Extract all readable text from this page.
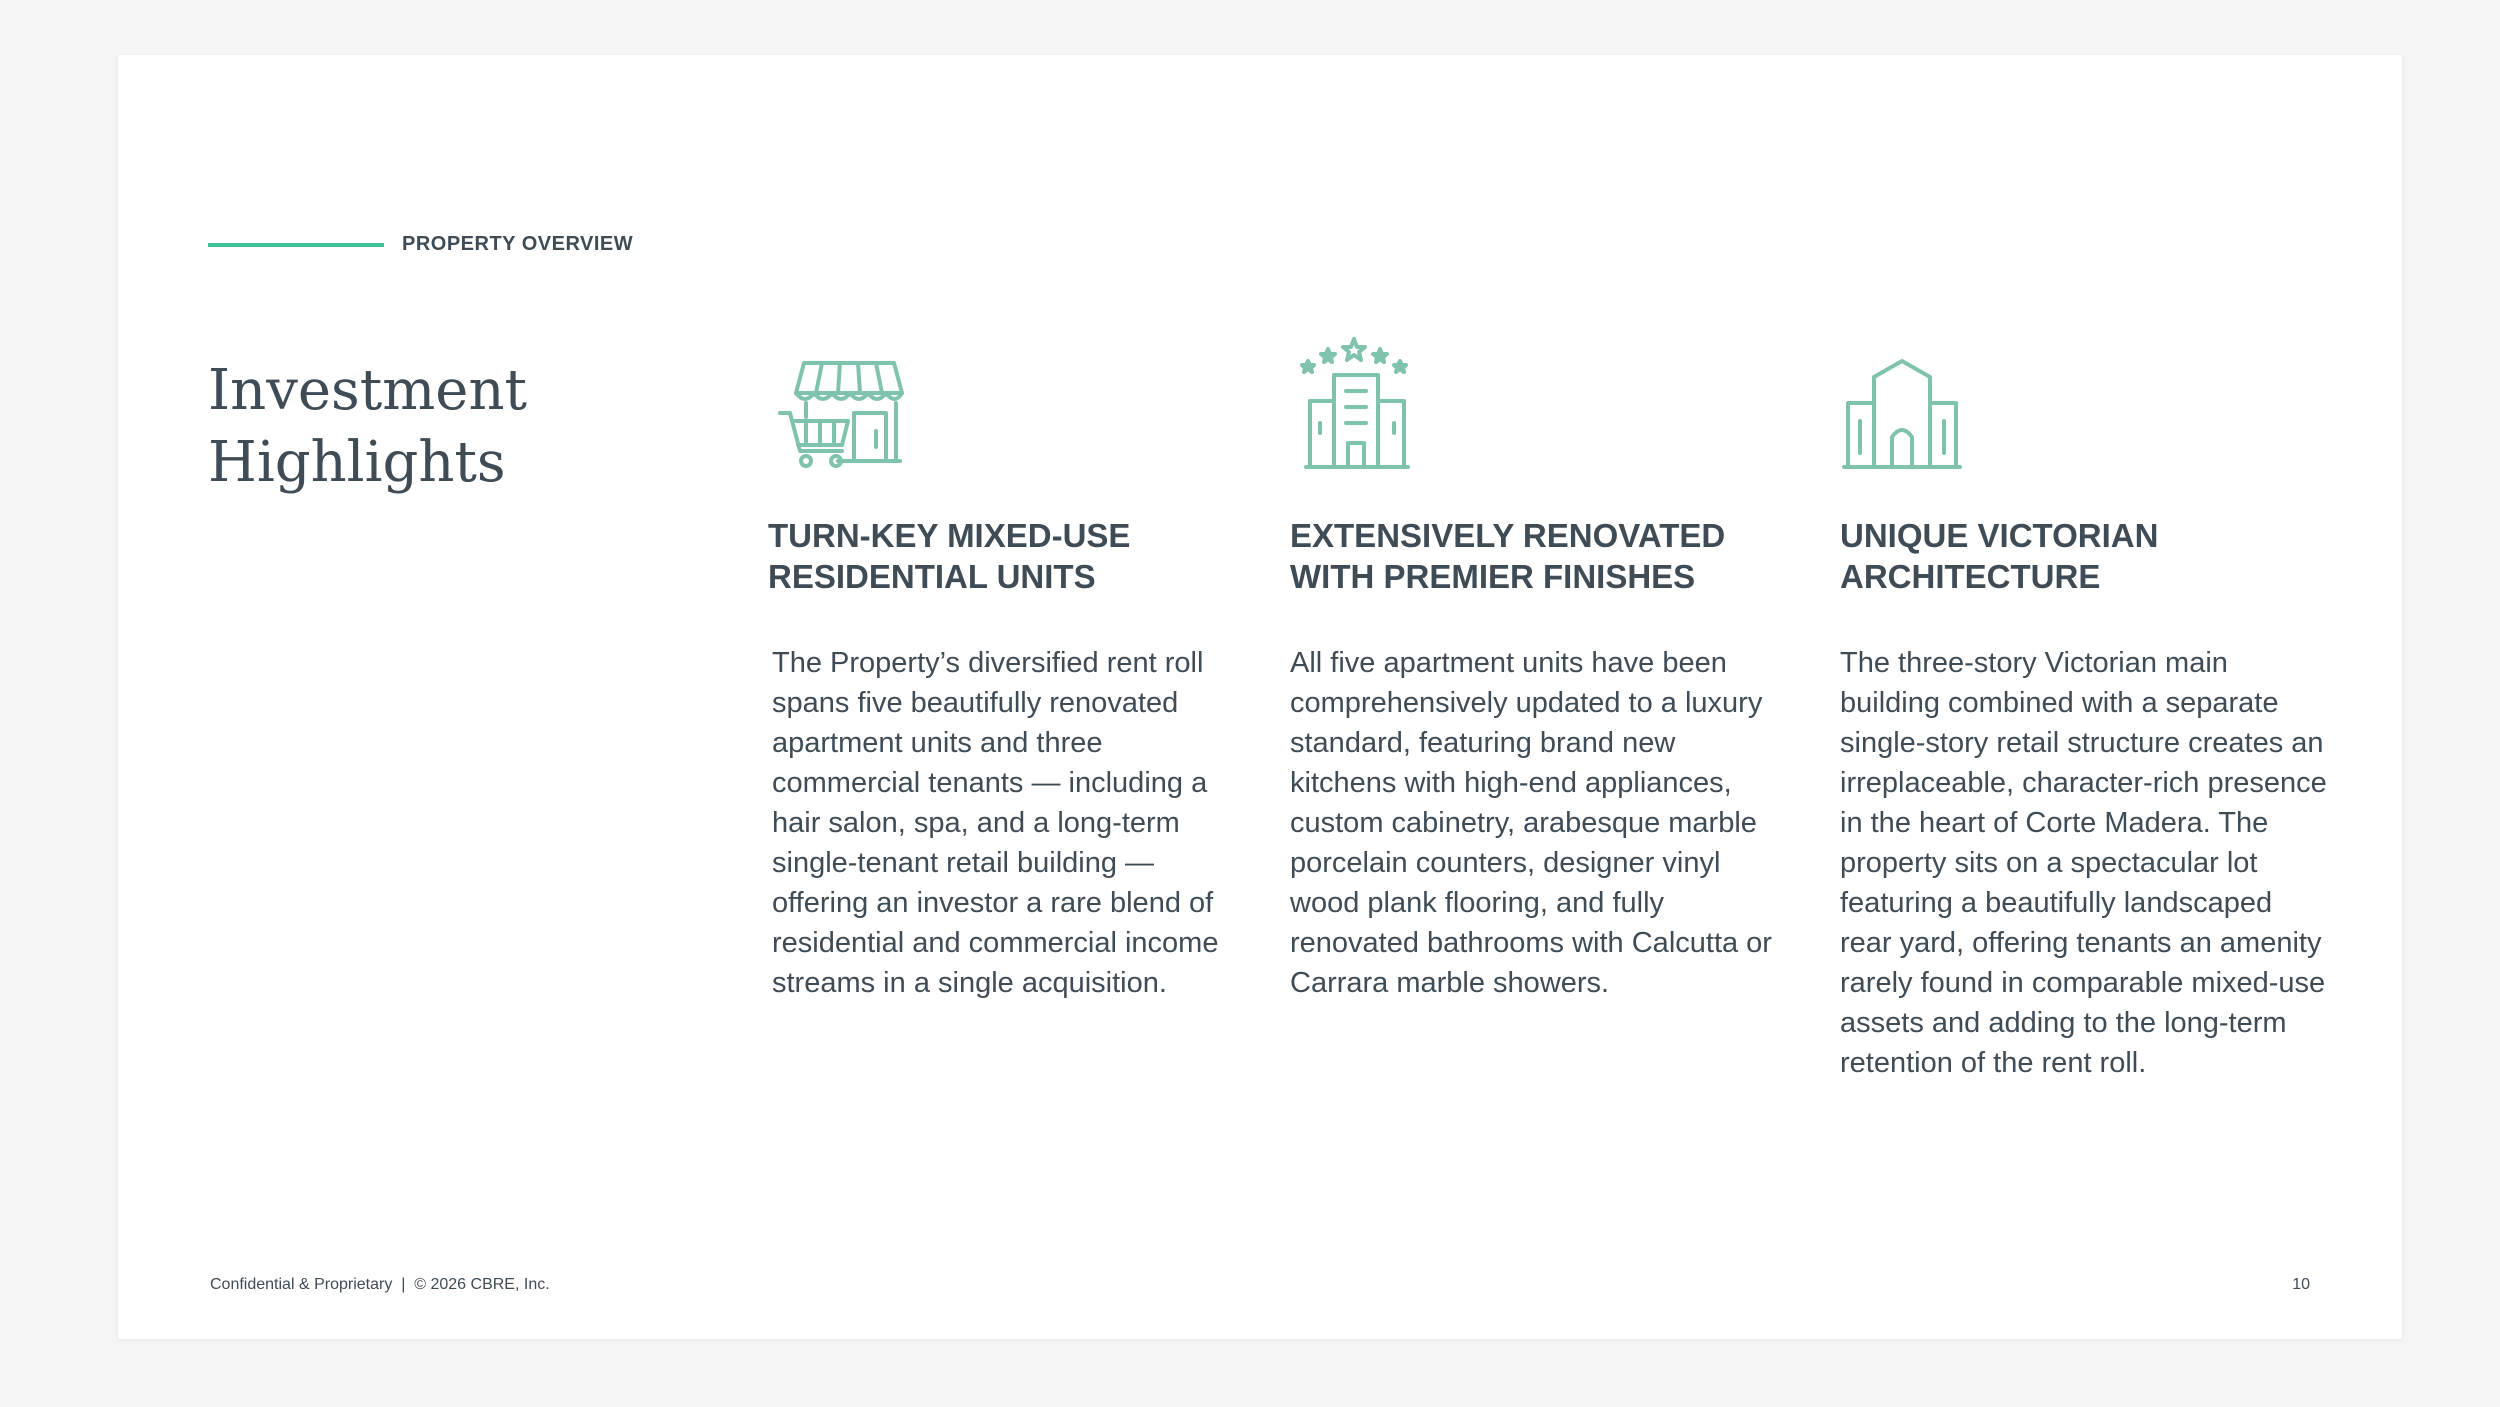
PROPERTY OVERVIEW
Investment
Highlights
TURN-KEY MIXED-USE
RESIDENTIAL UNITS
The Property’s diversified rent roll spans five beautifully renovated apartment units and three commercial tenants — including a hair salon, spa, and a long-term single-tenant retail building — offering an investor a rare blend of residential and commercial income streams in a single acquisition.
EXTENSIVELY RENOVATED
WITH PREMIER FINISHES
All five apartment units have been comprehensively updated to a luxury standard, featuring brand new kitchens with high-end appliances, custom cabinetry, arabesque marble porcelain counters, designer vinyl wood plank flooring, and fully renovated bathrooms with Calcutta or Carrara marble showers.
UNIQUE VICTORIAN
ARCHITECTURE
The three-story Victorian main building combined with a separate single-story retail structure creates an irreplaceable, character-rich presence in the heart of Corte Madera. The property sits on a spectacular lot featuring a beautifully landscaped rear yard, offering tenants an amenity rarely found in comparable mixed-use assets and adding to the long-term retention of the rent roll.
Confidential & Proprietary  |  © 2026 CBRE, Inc.	10
